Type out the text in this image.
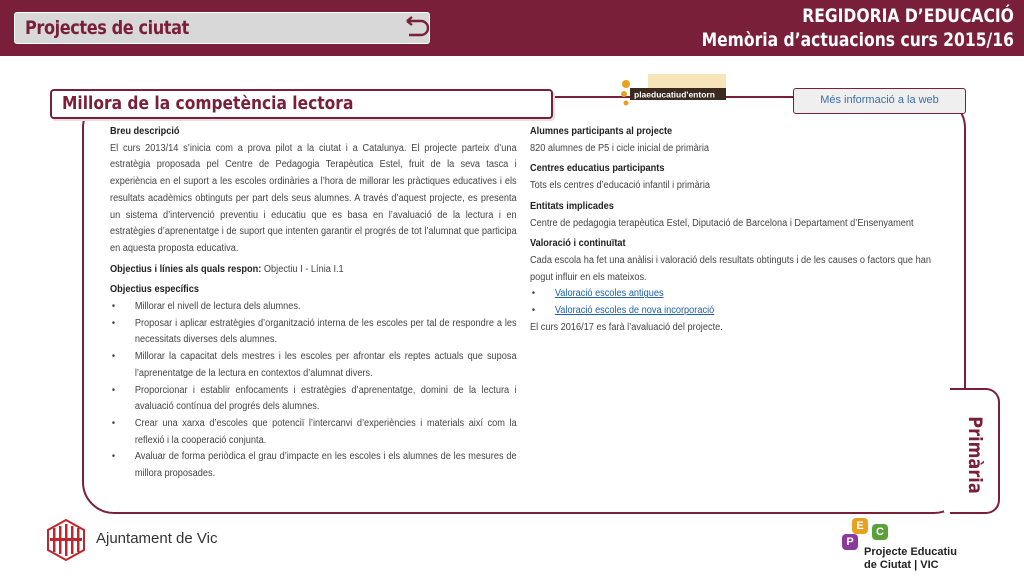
Projectes de ciutat
REGIDORIA D’EDUCACIÓ
Memòria d’actuacions curs 2015/16
Primària
Millora de la competència lectora	plaeducatiud'entorn	Més informació a la web
Breu descripció
El curs 2013/14 s’inicia com a prova pilot a la ciutat i a Catalunya. El projecte parteix d’una estratègia proposada pel Centre de Pedagogia Terapèutica Estel, fruit de la seva tasca i experiència en el suport a les escoles ordinàries a l’hora de millorar les pràctiques educatives i els resultats acadèmics obtinguts per part dels seus alumnes. A través d’aquest projecte, es presenta un sistema d’intervenció preventiu i educatiu que es basa en l’avaluació de la lectura i en estratègies d’aprenentatge i de suport que intenten garantir el progrés de tot l’alumnat que participa en aquesta proposta educativa.
Objectius i línies als quals respon: Objectiu I - Línia I.1
Objectius específics
• Millorar el nivell de lectura dels alumnes.
• Proposar i aplicar estratègies d’organització interna de les escoles per tal de respondre a les necessitats diverses dels alumnes.
• Millorar la capacitat dels mestres i les escoles per afrontar els reptes actuals que suposa l’aprenentatge de la lectura en contextos d’alumnat divers.
• Proporcionar i establir enfocaments i estratègies d’aprenentatge, domini de la lectura i avaluació contínua del progrés dels alumnes.
• Crear una xarxa d’escoles que potenciï l’intercanvi d’experiències i materials així com la reflexió i la cooperació conjunta.
• Avaluar de forma periòdica el grau d’impacte en les escoles i els alumnes de les mesures de millora proposades.
Alumnes participants al projecte
820 alumnes de P5 i cicle inicial de primària
Centres educatius participants
Tots els centres d’educació infantil i primària
Entitats implicades
Centre de pedagogia terapèutica Estel, Diputació de Barcelona i Departament d’Ensenyament
Valoració i continuïtat
Cada escola ha fet una anàlisi i valoració dels resultats obtinguts i de les causes o factors que han pogut influir en els mateixos.
• Valoració escoles antigues
• Valoració escoles de nova incorporació
El curs 2016/17 es farà l’avaluació del projecte.
Ajuntament de Vic
E	C
P
Projecte Educatiu
de Ciutat | VIC
